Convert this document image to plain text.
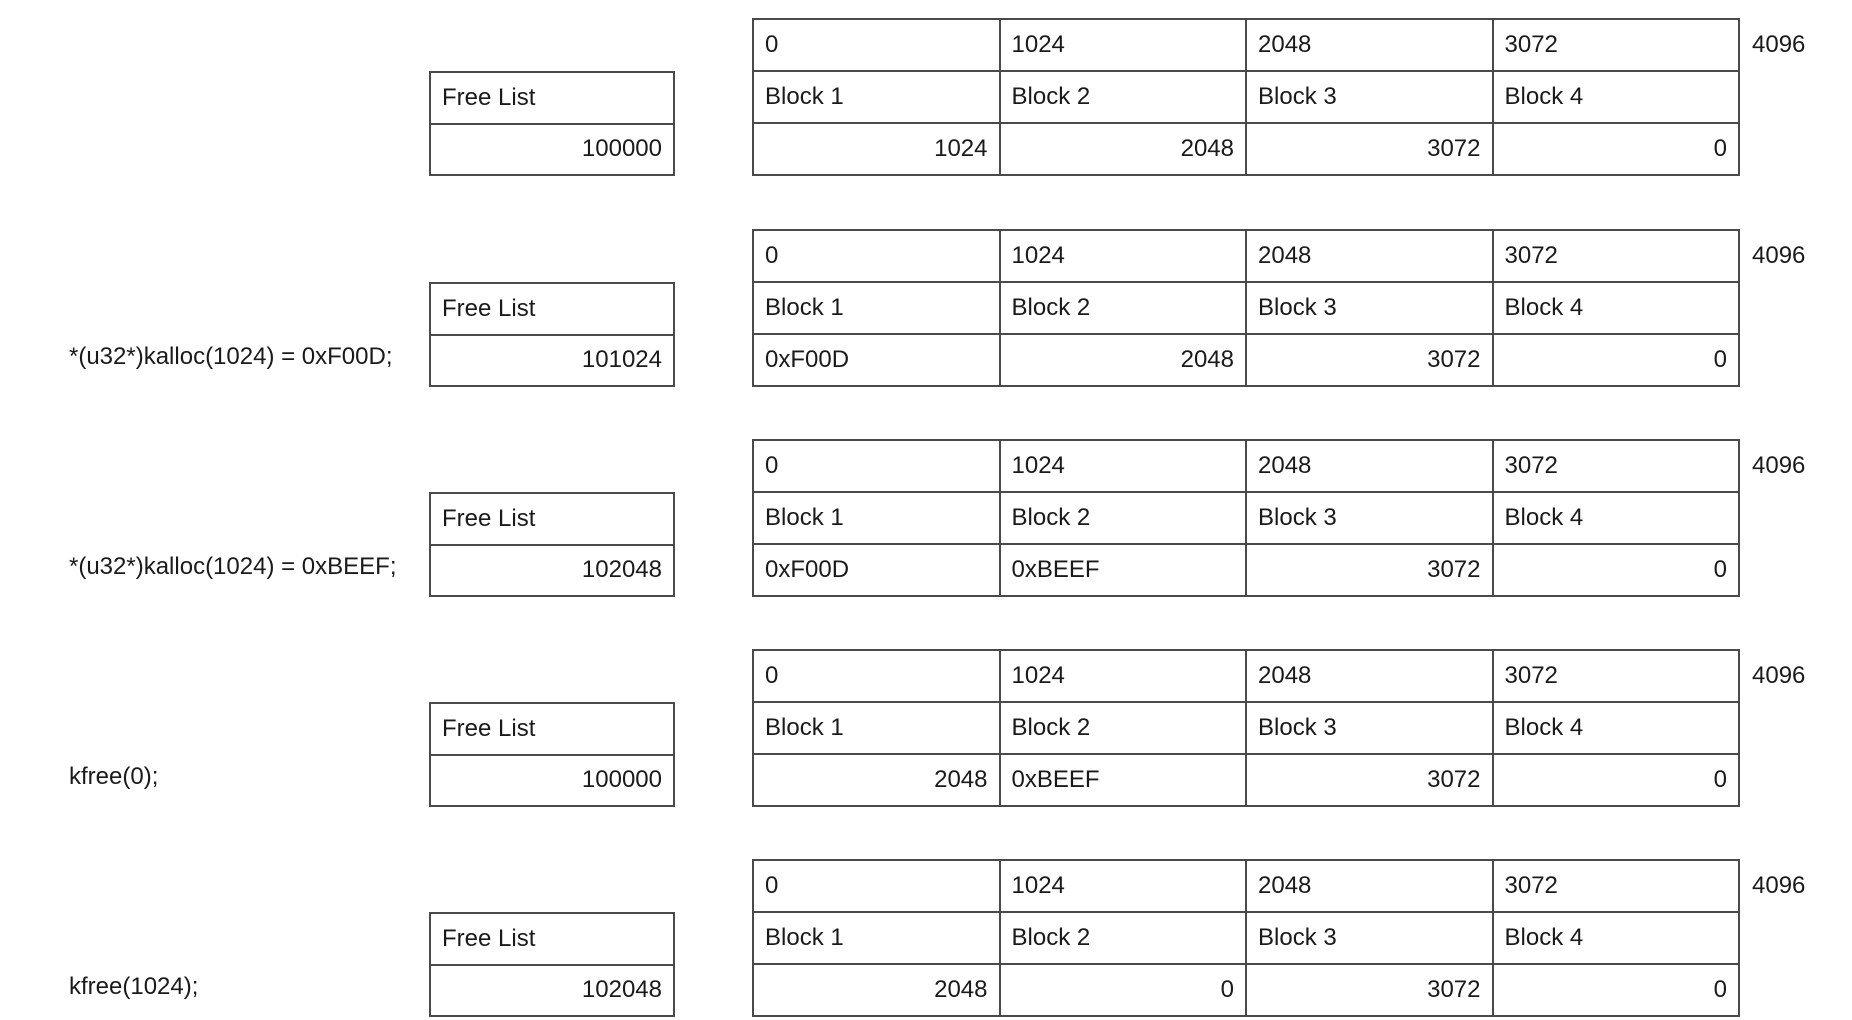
Free List
100000
0	1024	2048	3072
Block 1	Block 2	Block 3	Block 4
1024	2048	3072	0
4096
*(u32*)kalloc(1024) = 0xF00D;
Free List
101024
0	1024	2048	3072
Block 1	Block 2	Block 3	Block 4
0xF00D	2048	3072	0
4096
*(u32*)kalloc(1024) = 0xBEEF;
Free List
102048
0	1024	2048	3072
Block 1	Block 2	Block 3	Block 4
0xF00D	0xBEEF	3072	0
4096
kfree(0);
Free List
100000
0	1024	2048	3072
Block 1	Block 2	Block 3	Block 4
2048	0xBEEF	3072	0
4096
kfree(1024);
Free List
102048
0	1024	2048	3072
Block 1	Block 2	Block 3	Block 4
2048	0	3072	0
4096
